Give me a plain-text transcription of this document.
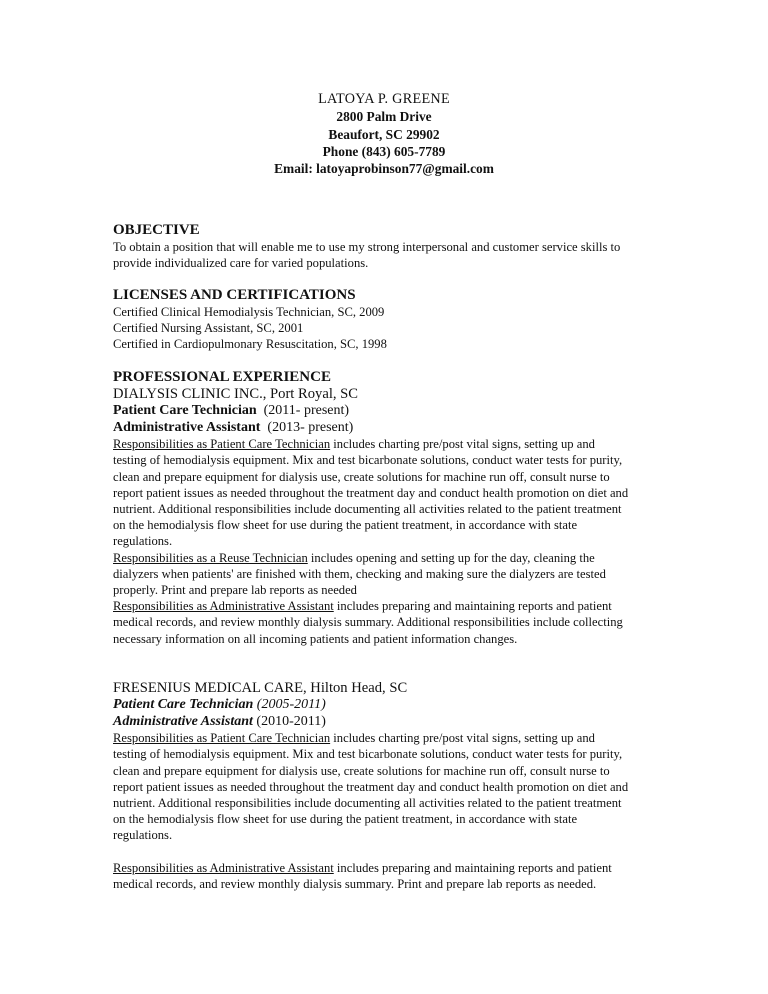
LATOYA P. GREENE
2800 Palm Drive
Beaufort, SC 29902
Phone (843) 605-7789
Email: latoyaprobinson77@gmail.com
OBJECTIVE
To obtain a position that will enable me to use my strong interpersonal and customer service skills to
provide individualized care for varied populations.
LICENSES AND CERTIFICATIONS
Certified Clinical Hemodialysis Technician, SC, 2009
Certified Nursing Assistant, SC, 2001
Certified in Cardiopulmonary Resuscitation, SC, 1998
PROFESSIONAL EXPERIENCE
DIALYSIS CLINIC INC., Port Royal, SC
Patient Care Technician (2011- present)
Administrative Assistant (2013- present)
Responsibilities as Patient Care Technician includes charting pre/post vital signs, setting up and
testing of hemodialysis equipment. Mix and test bicarbonate solutions, conduct water tests for purity,
clean and prepare equipment for dialysis use, create solutions for machine run off, consult nurse to
report patient issues as needed throughout the treatment day and conduct health promotion on diet and
nutrient. Additional responsibilities include documenting all activities related to the patient treatment
on the hemodialysis flow sheet for use during the patient treatment, in accordance with state
regulations.
Responsibilities as a Reuse Technician includes opening and setting up for the day, cleaning the
dialyzers when patients' are finished with them, checking and making sure the dialyzers are tested
properly. Print and prepare lab reports as needed
Responsibilities as Administrative Assistant includes preparing and maintaining reports and patient
medical records, and review monthly dialysis summary. Additional responsibilities include collecting
necessary information on all incoming patients and patient information changes.
FRESENIUS MEDICAL CARE, Hilton Head, SC
Patient Care Technician (2005-2011)
Administrative Assistant (2010-2011)
Responsibilities as Patient Care Technician includes charting pre/post vital signs, setting up and
testing of hemodialysis equipment. Mix and test bicarbonate solutions, conduct water tests for purity,
clean and prepare equipment for dialysis use, create solutions for machine run off, consult nurse to
report patient issues as needed throughout the treatment day and conduct health promotion on diet and
nutrient. Additional responsibilities include documenting all activities related to the patient treatment
on the hemodialysis flow sheet for use during the patient treatment, in accordance with state
regulations.
Responsibilities as Administrative Assistant includes preparing and maintaining reports and patient
medical records, and review monthly dialysis summary. Print and prepare lab reports as needed.
